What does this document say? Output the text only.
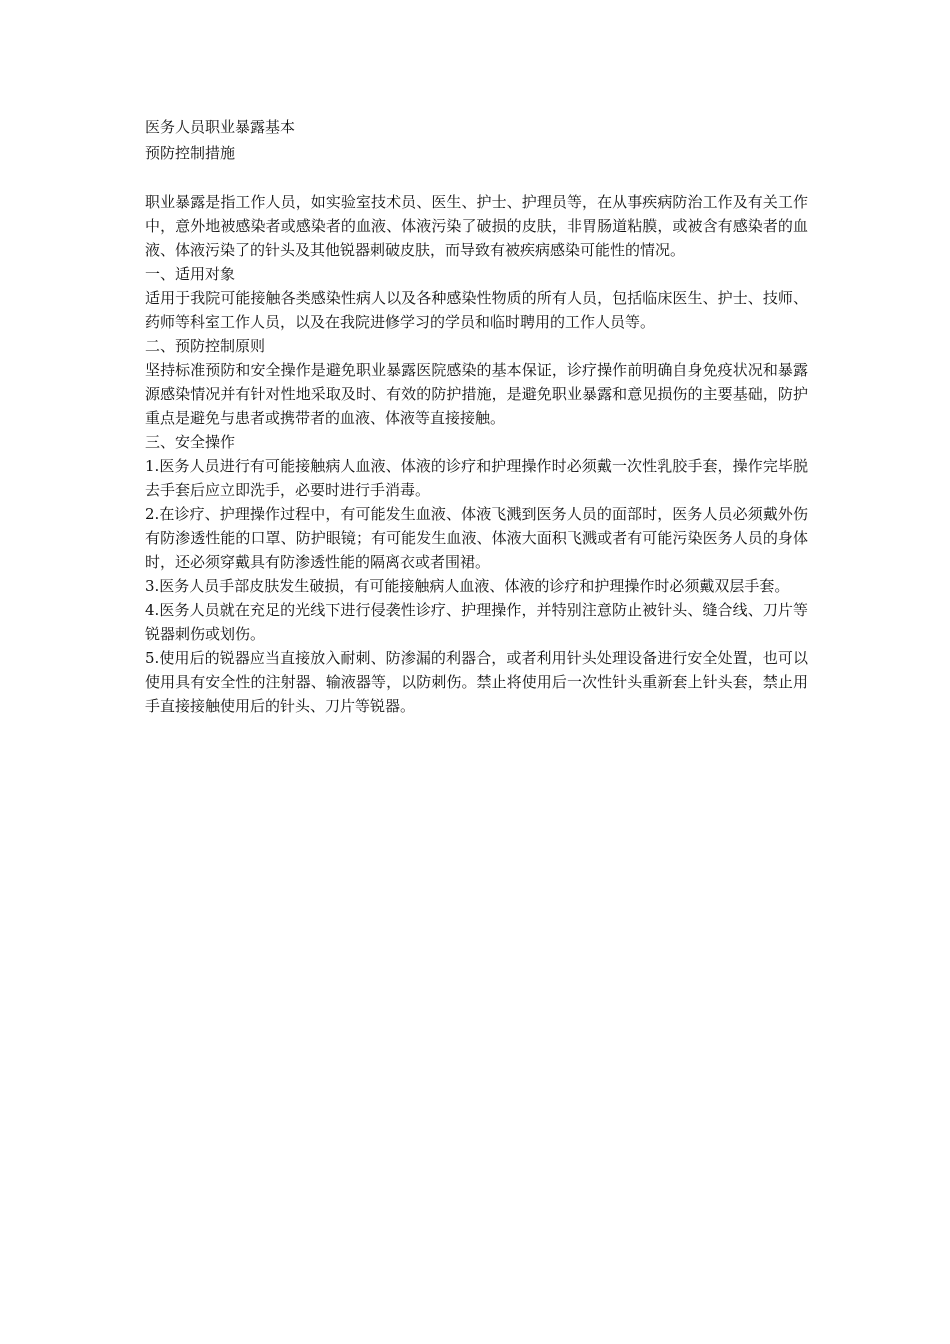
医务人员职业暴露基本
预防控制措施

职业暴露是指工作人员，如实验室技术员、医生、护士、护理员等，在从事疾病防治工作及有关工作中，意外地被感染者或感染者的血液、体液污染了破损的皮肤，非胃肠道粘膜，或被含有感染者的血液、体液污染了的针头及其他锐器刺破皮肤，而导致有被疾病感染可能性的情况。

一、适用对象

适用于我院可能接触各类感染性病人以及各种感染性物质的所有人员，包括临床医生、护士、技师、药师等科室工作人员，以及在我院进修学习的学员和临时聘用的工作人员等。

二、预防控制原则

坚持标准预防和安全操作是避免职业暴露医院感染的基本保证，诊疗操作前明确自身免疫状况和暴露源感染情况并有针对性地采取及时、有效的防护措施，是避免职业暴露和意见损伤的主要基础，防护重点是避免与患者或携带者的血液、体液等直接接触。

三、安全操作

1.医务人员进行有可能接触病人血液、体液的诊疗和护理操作时必须戴一次性乳胶手套，操作完毕脱去手套后应立即洗手，必要时进行手消毒。

2.在诊疗、护理操作过程中，有可能发生血液、体液飞溅到医务人员的面部时，医务人员必须戴外伤有防渗透性能的口罩、防护眼镜；有可能发生血液、体液大面积飞溅或者有可能污染医务人员的身体时，还必须穿戴具有防渗透性能的隔离衣或者围裙。

3.医务人员手部皮肤发生破损，有可能接触病人血液、体液的诊疗和护理操作时必须戴双层手套。

4.医务人员就在充足的光线下进行侵袭性诊疗、护理操作，并特别注意防止被针头、缝合线、刀片等锐器刺伤或划伤。

5.使用后的锐器应当直接放入耐刺、防渗漏的利器合，或者利用针头处理设备进行安全处置，也可以使用具有安全性的注射器、输液器等，以防刺伤。禁止将使用后一次性针头重新套上针头套，禁止用手直接接触使用后的针头、刀片等锐器。
